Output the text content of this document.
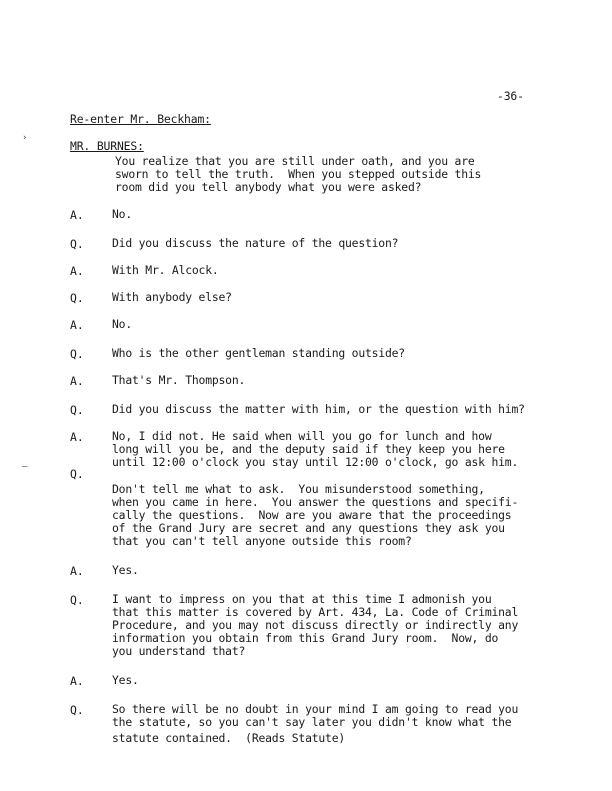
-36-
Re-enter Mr. Beckham:
›
MR. BURNES:
You realize that you are still under oath, and you are
sworn to tell the truth.  When you stepped outside this
room did you tell anybody what you were asked?
A. No.
Q. Did you discuss the nature of the question?
A. With Mr. Alcock.
Q. With anybody else?
A. No.
Q. Who is the other gentleman standing outside?
A. That's Mr. Thompson.
Q. Did you discuss the matter with him, or the question with him?
A. No, I did not. He said when will you go for lunch and how
long will you be, and the deputy said if they keep you here
until 12:00 o'clock you stay until 12:00 o'clock, go ask him.
–	Q.
Don't tell me what to ask.  You misunderstood something,
when you came in here.  You answer the questions and specifi-
cally the questions.  Now are you aware that the proceedings
of the Grand Jury are secret and any questions they ask you
that you can't tell anyone outside this room?
A. Yes.
Q. I want to impress on you that at this time I admonish you
that this matter is covered by Art. 434, La. Code of Criminal
Procedure, and you may not discuss directly or indirectly any
information you obtain from this Grand Jury room.  Now, do
you understand that?
A. Yes.
Q. So there will be no doubt in your mind I am going to read you
the statute, so you can't say later you didn't know what the
statute contained.  (Reads Statute)
